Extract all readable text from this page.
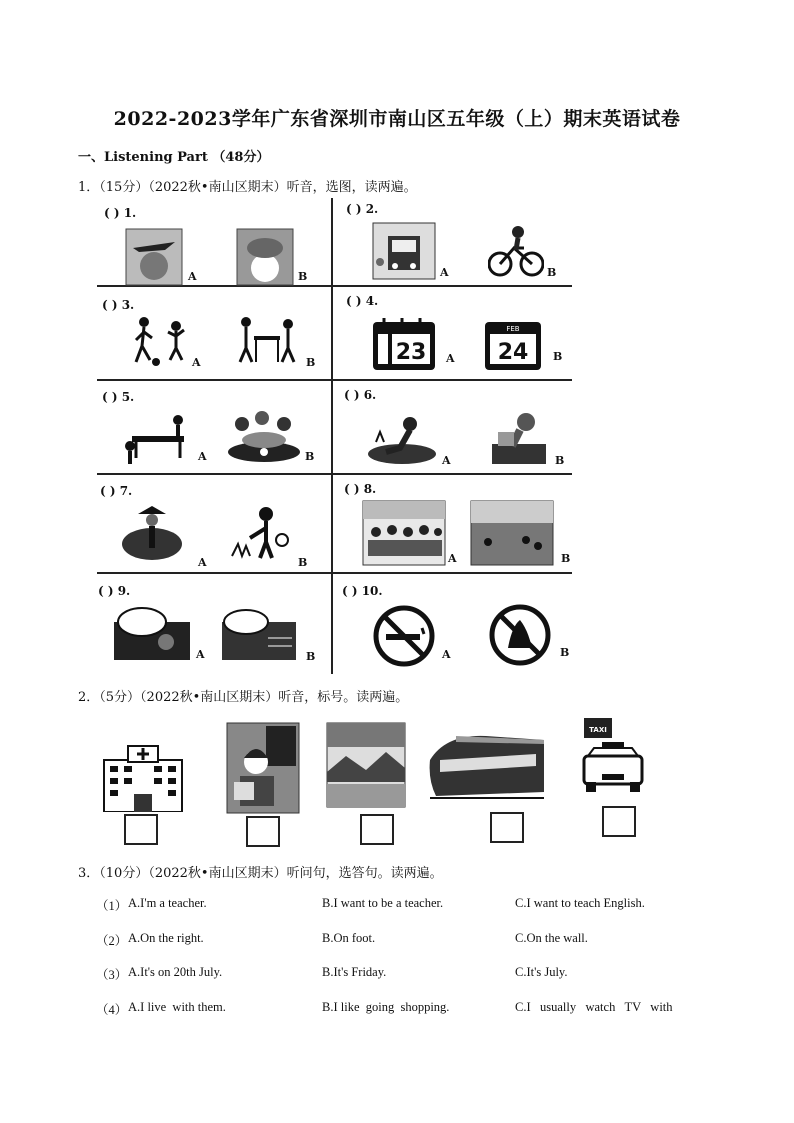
2022-2023学年广东省深圳市南山区五年级（上）期末英语试卷
一、Listening Part （48分）
1．（15分）（2022秋•南山区期末）听音，选图，读两遍。
( ) 1.
A	B
( ) 2.
A	B
( ) 3.
A	B
( ) 4.
23 A
FEB
24 B
( ) 5.
A	B
( ) 6.
A	B
( ) 7.
A	B
( ) 8.
A	B
( ) 9.
A	B
( ) 10.
A	B
2．（5分）（2022秋•南山区期末）听音，标号。读两遍。
TAXI
3．（10分）（2022秋•南山区期末）听问句，选答句。读两遍。
（1） A.I'm a teacher.	B.I want to be a teacher.	C.I want to teach English.
（2） A.On the right.	B.On foot.	C.On the wall.
（3） A.It's on 20th July.	B.It's Friday.	C.It's July.
（4） A.I live  with them.	B.I like  going  shopping.	C.I   usually   watch   TV   with
